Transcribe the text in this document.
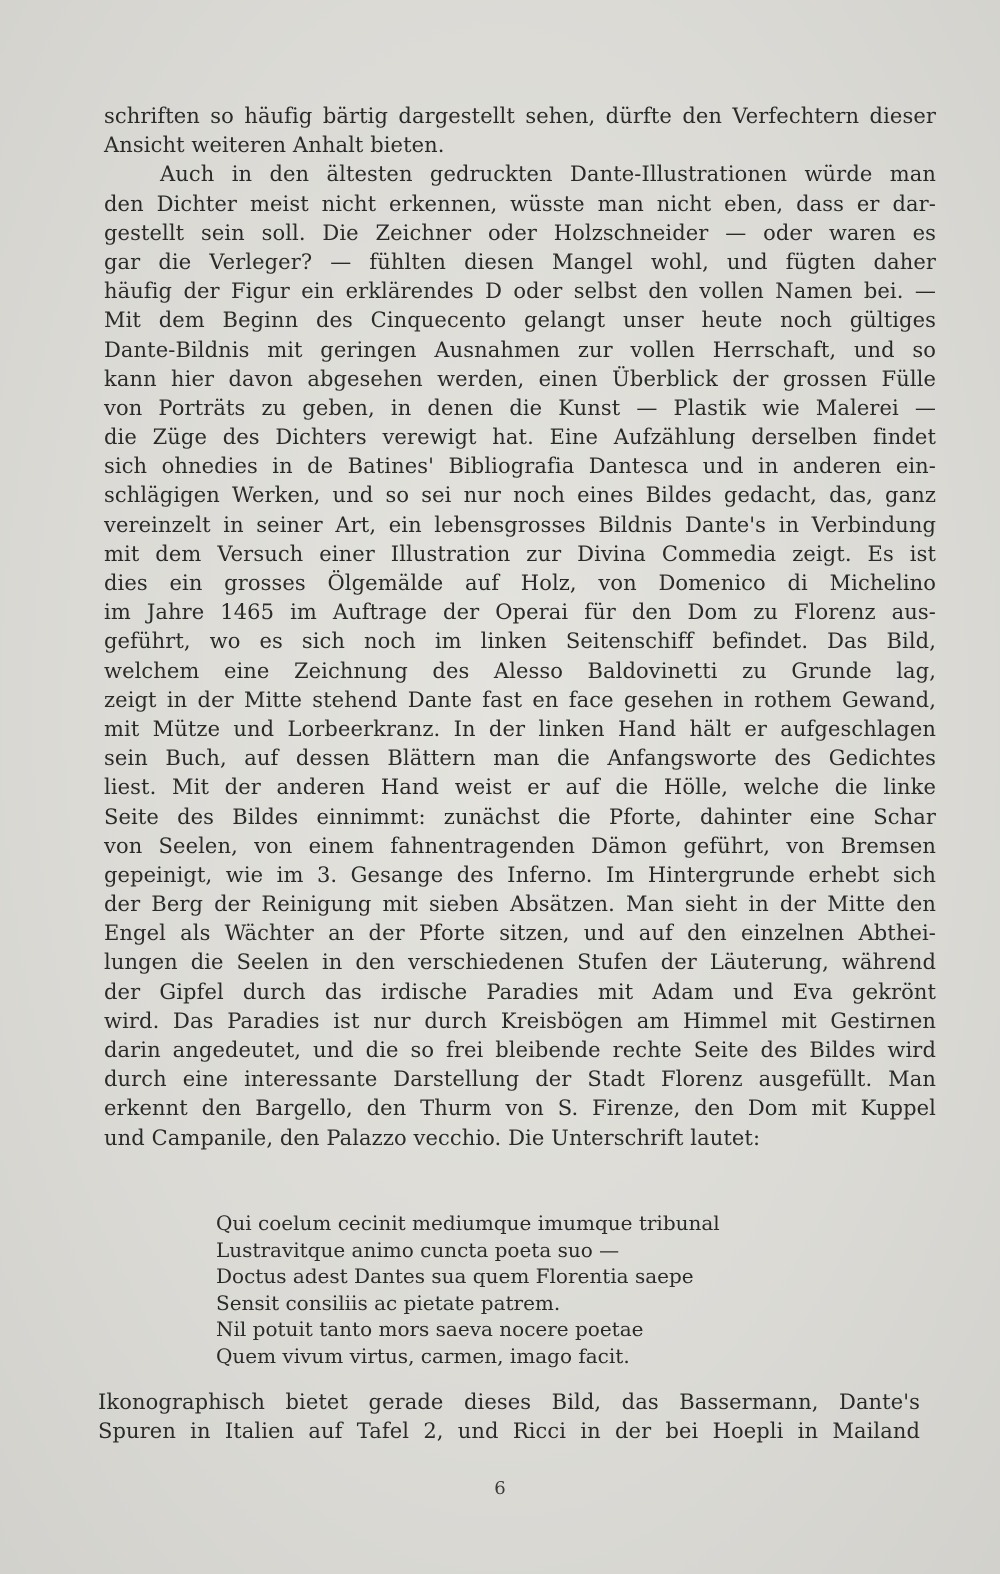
schriften so häufig bärtig dargestellt sehen, dürfte den Verfechtern dieser
Ansicht weiteren Anhalt bieten.
Auch in den ältesten gedruckten Dante-Illustrationen würde man
den Dichter meist nicht erkennen, wüsste man nicht eben, dass er dar-
gestellt sein soll. Die Zeichner oder Holzschneider — oder waren es
gar die Verleger? — fühlten diesen Mangel wohl, und fügten daher
häufig der Figur ein erklärendes D oder selbst den vollen Namen bei. —
Mit dem Beginn des Cinquecento gelangt unser heute noch gültiges
Dante-Bildnis mit geringen Ausnahmen zur vollen Herrschaft, und so
kann hier davon abgesehen werden, einen Überblick der grossen Fülle
von Porträts zu geben, in denen die Kunst — Plastik wie Malerei —
die Züge des Dichters verewigt hat. Eine Aufzählung derselben findet
sich ohnedies in de Batines' Bibliografia Dantesca und in anderen ein-
schlägigen Werken, und so sei nur noch eines Bildes gedacht, das, ganz
vereinzelt in seiner Art, ein lebensgrosses Bildnis Dante's in Verbindung
mit dem Versuch einer Illustration zur Divina Commedia zeigt. Es ist
dies ein grosses Ölgemälde auf Holz, von Domenico di Michelino
im Jahre 1465 im Auftrage der Operai für den Dom zu Florenz aus-
geführt, wo es sich noch im linken Seitenschiff befindet. Das Bild,
welchem eine Zeichnung des Alesso Baldovinetti zu Grunde lag,
zeigt in der Mitte stehend Dante fast en face gesehen in rothem Gewand,
mit Mütze und Lorbeerkranz. In der linken Hand hält er aufgeschlagen
sein Buch, auf dessen Blättern man die Anfangsworte des Gedichtes
liest. Mit der anderen Hand weist er auf die Hölle, welche die linke
Seite des Bildes einnimmt: zunächst die Pforte, dahinter eine Schar
von Seelen, von einem fahnentragenden Dämon geführt, von Bremsen
gepeinigt, wie im 3. Gesange des Inferno. Im Hintergrunde erhebt sich
der Berg der Reinigung mit sieben Absätzen. Man sieht in der Mitte den
Engel als Wächter an der Pforte sitzen, und auf den einzelnen Abthei-
lungen die Seelen in den verschiedenen Stufen der Läuterung, während
der Gipfel durch das irdische Paradies mit Adam und Eva gekrönt
wird. Das Paradies ist nur durch Kreisbögen am Himmel mit Gestirnen
darin angedeutet, und die so frei bleibende rechte Seite des Bildes wird
durch eine interessante Darstellung der Stadt Florenz ausgefüllt. Man
erkennt den Bargello, den Thurm von S. Firenze, den Dom mit Kuppel
und Campanile, den Palazzo vecchio. Die Unterschrift lautet:
Qui coelum cecinit mediumque imumque tribunal
Lustravitque animo cuncta poeta suo —
Doctus adest Dantes sua quem Florentia saepe
Sensit consiliis ac pietate patrem.
Nil potuit tanto mors saeva nocere poetae
Quem vivum virtus, carmen, imago facit.
Ikonographisch bietet gerade dieses Bild, das Bassermann, Dante's
Spuren in Italien auf Tafel 2, und Ricci in der bei Hoepli in Mailand
6
